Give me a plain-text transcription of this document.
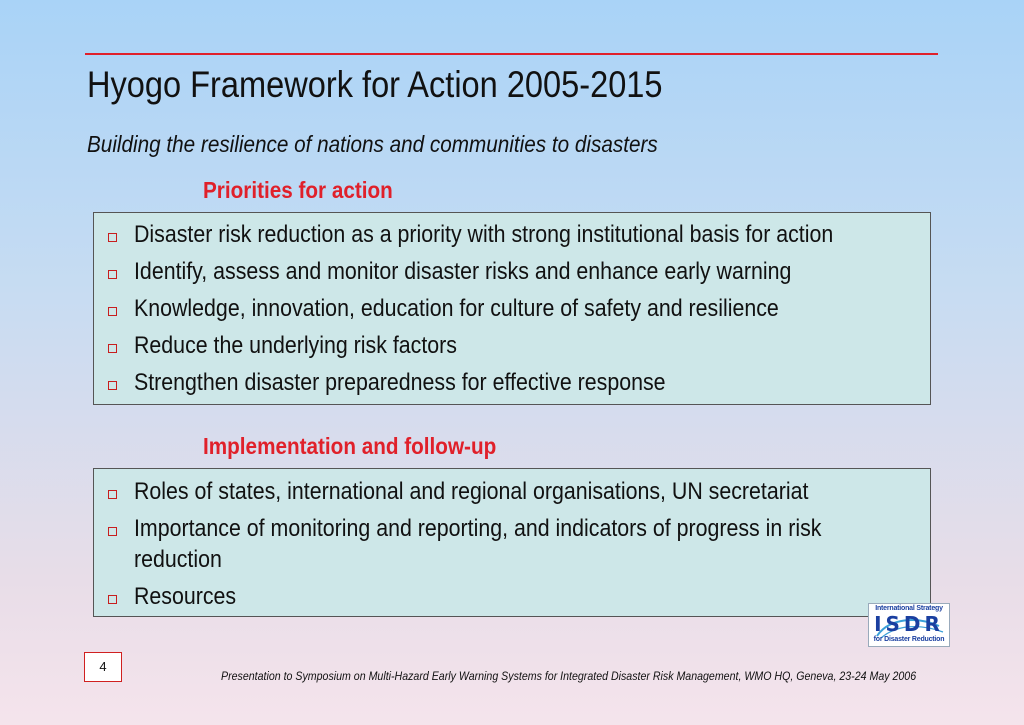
Hyogo Framework for Action 2005-2015
Building the resilience of nations and communities to disasters
Priorities for action
Disaster risk reduction as a priority with strong institutional basis for action
Identify, assess and monitor disaster risks and enhance early warning
Knowledge, innovation, education for culture of safety and resilience
Reduce the underlying risk factors
Strengthen disaster preparedness for effective response
Implementation and follow-up
Roles of states, international and regional organisations, UN secretariat
Importance of monitoring and reporting, and indicators of progress in risk reduction
Resources	International Strategy
ISDR
for Disaster Reduction
4
Presentation to Symposium on Multi-Hazard Early Warning Systems for Integrated Disaster Risk Management, WMO HQ, Geneva, 23-24 May 2006
